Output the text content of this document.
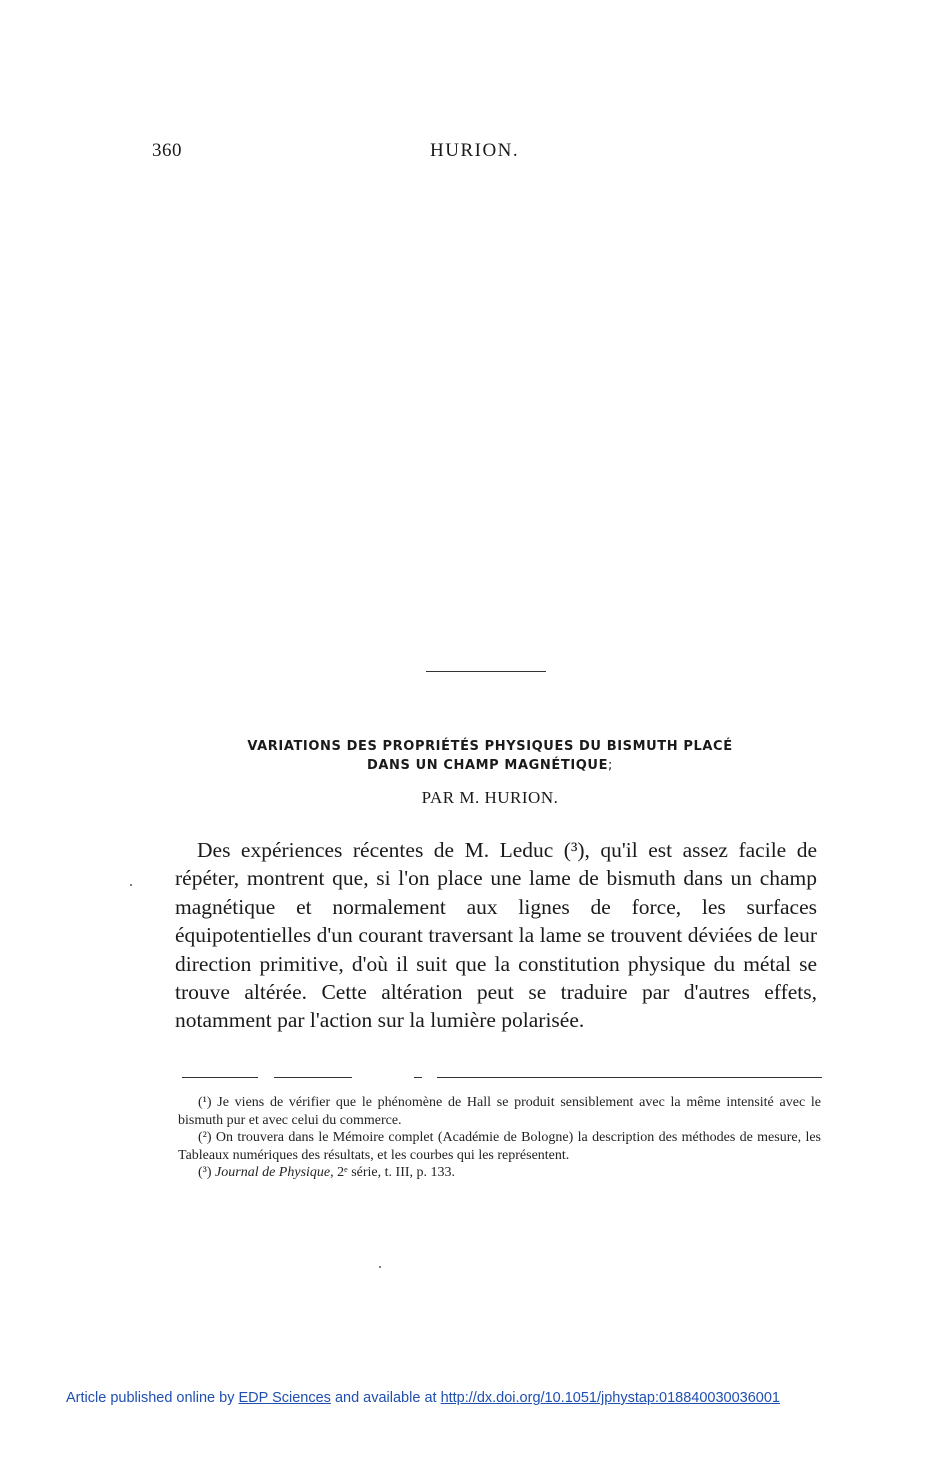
360	HURION.
VARIATIONS DES PROPRIÉTÉS PHYSIQUES DU BISMUTH PLACÉ
DANS UN CHAMP MAGNÉTIQUE;
PAR M. HURION.

Des expériences récentes de M. Leduc (³), qu'il est assez facile de répéter, montrent que, si l'on place une lame de bismuth dans un champ magnétique et normalement aux lignes de force, les surfaces équipotentielles d'un courant traversant la lame se trouvent déviées de leur direction primitive, d'où il suit que la constitution physique du métal se trouve altérée. Cette altération peut se traduire par d'autres effets, notamment par l'action sur la lumière polarisée.

(¹) Je viens de vérifier que le phénomène de Hall se produit sensiblement avec la même intensité avec le bismuth pur et avec celui du commerce.

(²) On trouvera dans le Mémoire complet (Académie de Bologne) la description des méthodes de mesure, les Tableaux numériques des résultats, et les courbes qui les représentent.

(³) Journal de Physique, 2ᵉ série, t. III, p. 133.

Article published online by EDP Sciences and available at http://dx.doi.org/10.1051/jphystap:018840030036001
